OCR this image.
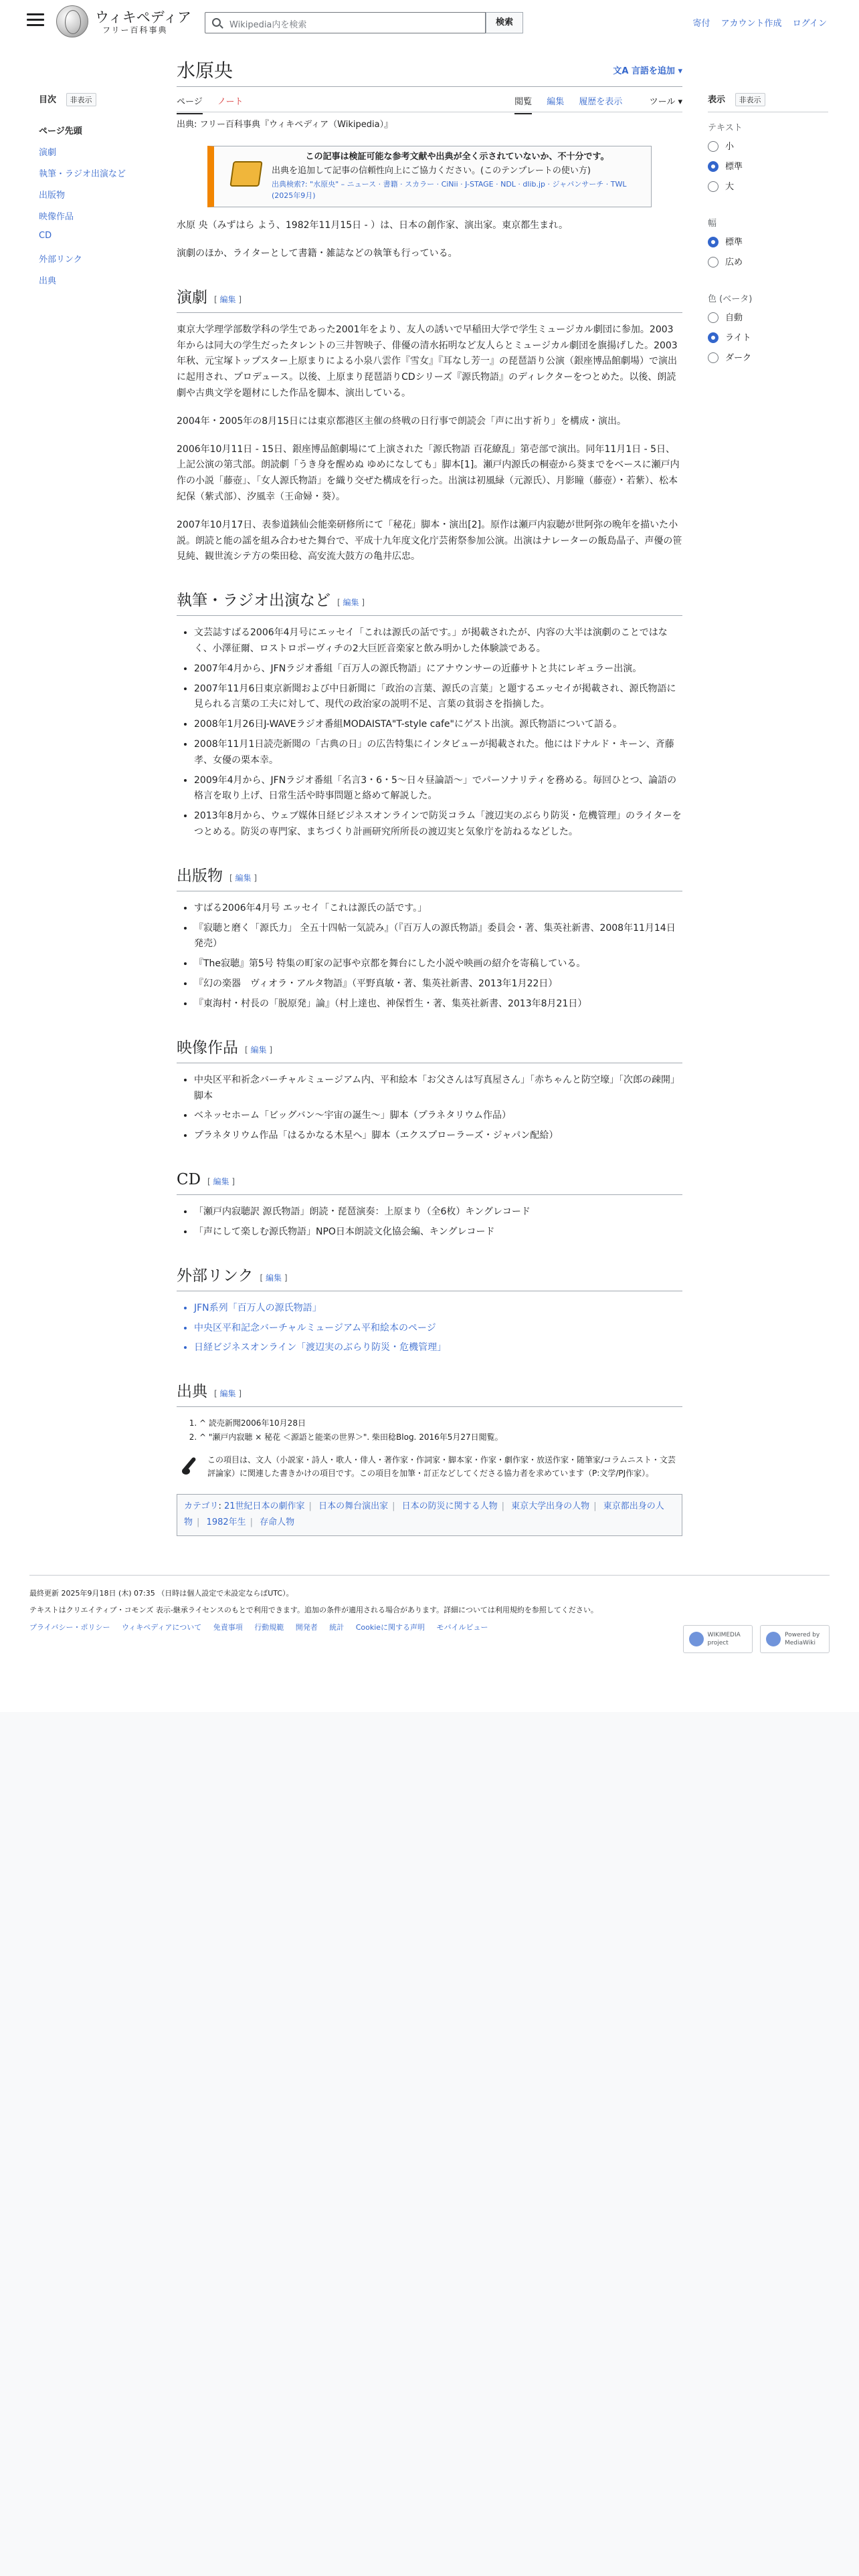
ウィキペディア
フリー百科事典	Wikipedia内を検索	検索	寄付 アカウント作成 ログイン
目次 非表示
ページ先頭
演劇
執筆・ラジオ出演など
出版物
映像作品
CD
外部リンク
出典
表示 非表示
テキスト
小
標準
大
幅
標準
広め
色 (ベータ)
自動
ライト
ダーク
水原央	文A 言語を追加 ▾
ページ ノート	閲覧 編集 履歴を表示	ツール ▾
出典: フリー百科事典『ウィキペディア（Wikipedia）』
この記事は検証可能な参考文献や出典が全く示されていないか、不十分です。
出典を追加して記事の信頼性向上にご協力ください。(このテンプレートの使い方)
出典検索?: "水原央" – ニュース · 書籍 · スカラー · CiNii · J-STAGE · NDL · dlib.jp · ジャパンサーチ · TWL (2025年9月)

水原 央（みずはら よう、1982年11月15日 - ）は、日本の創作家、演出家。東京都生まれ。

演劇のほか、ライターとして書籍・雑誌などの執筆も行っている。

演劇 [ 編集 ]

東京大学理学部数学科の学生であった2001年をより、友人の誘いで早稲田大学で学生ミュージカル劇団に参加。2003年からは同大の学生だったタレントの三井智映子、俳優の清水拓明など友人らとミュージカル劇団を旗揚げした。2003年秋、元宝塚トップスター上原まりによる小泉八雲作『雪女』『耳なし芳一』の琵琶語り公演（銀座博品館劇場）で演出に起用され、プロデュース。以後、上原まり琵琶語りCDシリーズ『源氏物語』のディレクターをつとめた。以後、朗読劇や古典文学を題材にした作品を脚本、演出している。

2004年・2005年の8月15日には東京都港区主催の終戦の日行事で朗読会「声に出す祈り」を構成・演出。

2006年10月11日 - 15日、銀座博品館劇場にて上演された「源氏物語 百花繚乱」第壱部で演出。同年11月1日 - 5日、上記公演の第弐部。朗読劇「うき身を醒めぬ ゆめになしても」脚本[1]。瀬戸内源氏の桐壺から葵までをベースに瀬戸内作の小説「藤壺」、「女人源氏物語」を織り交ぜた構成を行った。出演は初風緑（元源氏）、月影瞳（藤壺）・若紫）、松本紀保（紫式部）、汐風幸（王命婦・葵）。

2007年10月17日、表参道銕仙会能楽研修所にて「秘花」脚本・演出[2]。原作は瀬戸内寂聴が世阿弥の晩年を描いた小説。朗読と能の謡を組み合わせた舞台で、平成十九年度文化庁芸術祭参加公演。出演はナレーターの飯島晶子、声優の笹見純、観世流シテ方の柴田稔、高安流大鼓方の亀井広忠。

執筆・ラジオ出演など [ 編集 ]
• 文芸誌すばる2006年4月号にエッセイ「これは源氏の話です。」が掲載されたが、内容の大半は演劇のことではなく、小澤征爾、ロストロポーヴィチの2大巨匠音楽家と飲み明かした体験談である。
• 2007年4月から、JFNラジオ番組「百万人の源氏物語」にアナウンサーの近藤サトと共にレギュラー出演。
• 2007年11月6日東京新聞および中日新聞に「政治の言葉、源氏の言葉」と題するエッセイが掲載され、源氏物語に見られる言葉の工夫に対して、現代の政治家の説明不足、言葉の貧弱さを指摘した。
• 2008年1月26日J-WAVEラジオ番組MODAISTA"T-style cafe"にゲスト出演。源氏物語について語る。
• 2008年11月1日読売新聞の「古典の日」の広告特集にインタビューが掲載された。他にはドナルド・キーン、斉藤孝、女優の栗本幸。
• 2009年4月から、JFNラジオ番組「名言3・6・5〜日々昼論語〜」でパーソナリティを務める。毎回ひとつ、論語の格言を取り上げ、日常生活や時事問題と絡めて解説した。
• 2013年8月から、ウェブ媒体日経ビジネスオンラインで防災コラム「渡辺実のぶらり防災・危機管理」のライターをつとめる。防災の専門家、まちづくり計画研究所所長の渡辺実と気象庁を訪ねるなどした。
出版物 [ 編集 ]
• すばる2006年4月号 エッセイ「これは源氏の話です。」
• 『寂聴と磨く「源氏力」 全五十四帖一気読み』（『百万人の源氏物語』委員会・著、集英社新書、2008年11月14日発売）
• 『The寂聴』第5号 特集の町家の記事や京都を舞台にした小説や映画の紹介を寄稿している。
• 『幻の楽器　ヴィオラ・アルタ物語』（平野真敏・著、集英社新書、2013年1月22日）
• 『東海村・村長の「脱原発」論』（村上達也、神保哲生・著、集英社新書、2013年8月21日）
映像作品 [ 編集 ]
• 中央区平和祈念バーチャルミュージアム内、平和絵本「お父さんは写真屋さん」「赤ちゃんと防空壕」「次郎の疎開」脚本
• ベネッセホーム「ビッグバン〜宇宙の誕生〜」脚本（プラネタリウム作品）
• プラネタリウム作品「はるかなる木星へ」脚本（エクスプローラーズ・ジャパン配給）
CD [ 編集 ]
• 「瀬戸内寂聴訳 源氏物語」朗読・琵琶演奏：上原まり（全6枚）キングレコード
• 「声にして楽しむ源氏物語」NPO日本朗読文化協会編、キングレコード
外部リンク [ 編集 ]
• JFN系列「百万人の源氏物語」
• 中央区平和記念バーチャルミュージアム平和絵本のページ
• 日経ビジネスオンライン「渡辺実のぶらり防災・危機管理」
出典 [ 編集 ]
1. ^ 読売新聞2006年10月28日
2. ^ "瀬戸内寂聴 × 秘花 ＜源語と能楽の世界＞". 柴田稔Blog. 2016年5月27日閲覧。
この項目は、文人（小説家・詩人・歌人・俳人・著作家・作詞家・脚本家・作家・劇作家・放送作家・随筆家/コラムニスト・文芸評論家）に関連した書きかけの項目です。この項目を加筆・訂正などしてくださる協力者を求めています（P:文学/PJ作家）。
カテゴリ: 21世紀日本の劇作家 | 日本の舞台演出家 | 日本の防災に関する人物 | 東京大学出身の人物 | 東京都出身の人物 | 1982年生 | 存命人物
最終更新 2025年9月18日 (木) 07:35 （日時は個人設定で未設定ならばUTC）。
テキストはクリエイティブ・コモンズ 表示-継承ライセンスのもとで利用できます。追加の条件が適用される場合があります。詳細については利用規約を参照してください。
プライバシー・ポリシー ウィキペディアについて 免責事項 行動規範 開発者 統計 Cookieに関する声明 モバイルビュー
WIKIMEDIA project Powered by MediaWiki
